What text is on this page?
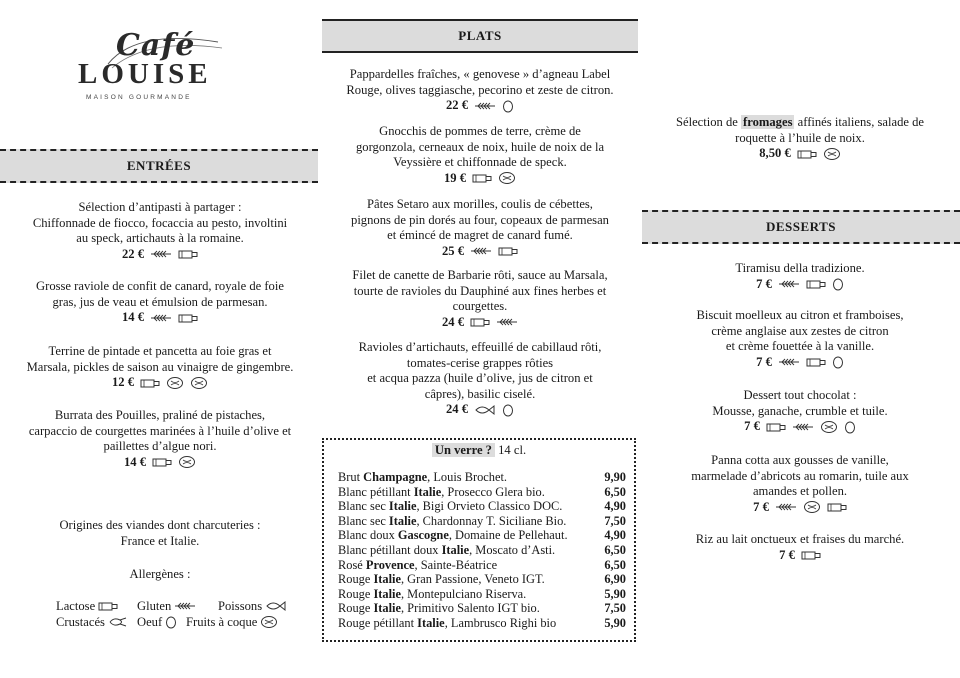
Café
LOUISE
MAISON GOURMANDE
ENTRÉES
Sélection d’antipasti à partager :
Chiffonnade de fiocco, focaccia au pesto, involtini
au speck, artichauts à la romaine.
22 €
Grosse raviole de confit de canard, royale de foie
gras, jus de veau et émulsion de parmesan.
14 €
Terrine de pintade et pancetta au foie gras et
Marsala, pickles de saison au vinaigre de gingembre.
12 €
Burrata des Pouilles, praliné de pistaches,
carpaccio de courgettes marinées à l’huile d’olive et
paillettes d’algue nori.
14 €
Origines des viandes dont charcuteries :
France et Italie.
Allergènes :
Lactose	Gluten	Poissons
Crustacés	Oeuf Fruits à coque
PLATS
Pappardelles fraîches, « genovese » d’agneau Label
Rouge, olives taggiasche, pecorino et zeste de citron.
22 €
Gnocchis de pommes de terre, crème de
gorgonzola, cerneaux de noix, huile de noix de la
Veyssière et chiffonnade de speck.
19 €
Pâtes Setaro aux morilles, coulis de cébettes,
pignons de pin dorés au four, copeaux de parmesan
et émincé de magret de canard fumé.
25 €
Filet de canette de Barbarie rôti, sauce au Marsala,
tourte de ravioles du Dauphiné aux fines herbes et
courgettes.
24 €
Ravioles d’artichauts, effeuillé de cabillaud rôti,
tomates-cerise grappes rôties
et acqua pazza (huile d’olive, jus de citron et
câpres), basilic ciselé.
24 €
Un verre ? 14 cl.
Brut Champagne, Louis Brochet.	9,90
Blanc pétillant Italie, Prosecco Glera bio.	6,50
Blanc sec Italie, Bigi Orvieto Classico DOC.	4,90
Blanc sec Italie, Chardonnay T. Siciliane Bio.	7,50
Blanc doux Gascogne, Domaine de Pellehaut.	4,90
Blanc pétillant doux Italie, Moscato d’Asti.	6,50
Rosé Provence, Sainte-Béatrice	6,50
Rouge Italie, Gran Passione, Veneto IGT.	6,90
Rouge Italie, Montepulciano Riserva.	5,90
Rouge Italie, Primitivo Salento IGT bio.	7,50
Rouge pétillant Italie, Lambrusco Righi bio	5,90
Sélection de fromages affinés italiens, salade de
roquette à l’huile de noix.
8,50 €
DESSERTS
Tiramisu della tradizione.
7 €
Biscuit moelleux au citron et framboises,
crème anglaise aux zestes de citron
et crème fouettée à la vanille.
7 €
Dessert tout chocolat :
Mousse, ganache, crumble et tuile.
7 €
Panna cotta aux gousses de vanille,
marmelade d’abricots au romarin, tuile aux
amandes et pollen.
7 €
Riz au lait onctueux et fraises du marché.
7 €
